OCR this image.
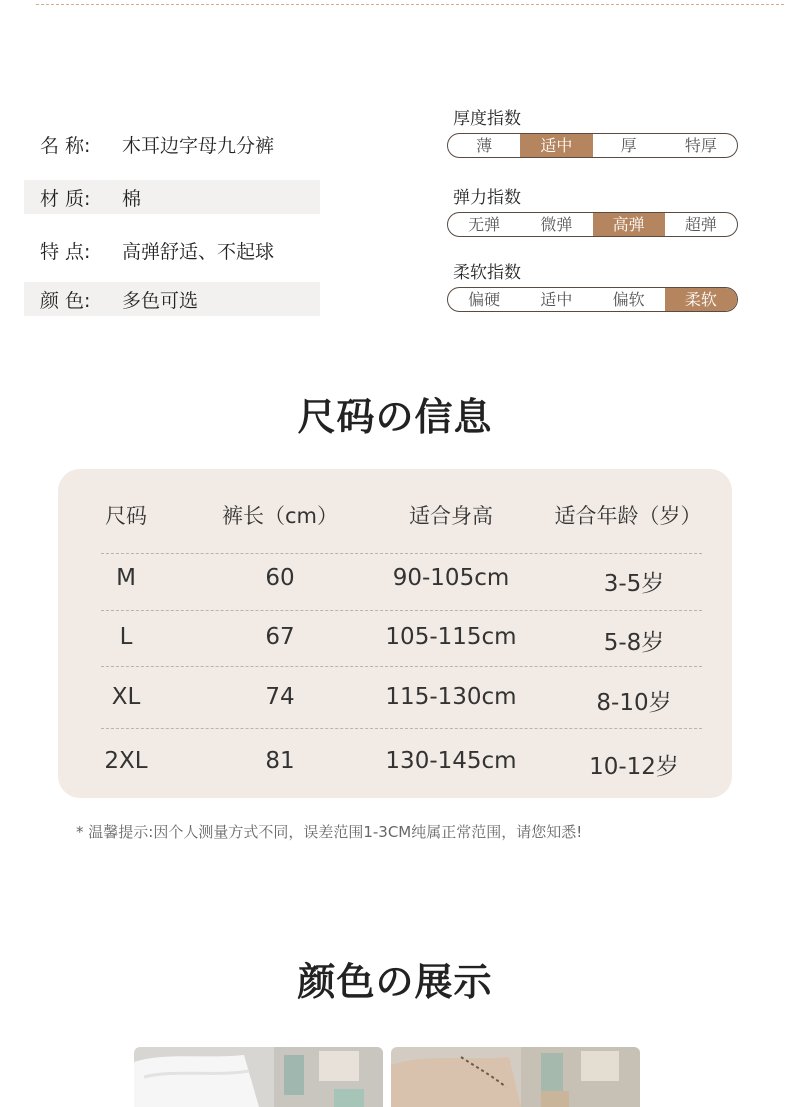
名 称:	木耳边字母九分裤
材 质:	棉
特 点:	高弹舒适、不起球
颜 色:	多色可选
厚度指数
薄	适中	厚	特厚
弹力指数
无弹	微弹	高弹	超弹
柔软指数
偏硬	适中	偏软	柔软
尺码の信息
尺码	裤长（cm）	适合身高	适合年龄（岁）
M	60	90-105cm	3-5岁
L	67	105-115cm	5-8岁
XL	74	115-130cm	8-10岁
2XL	81	130-145cm	10-12岁
* 温馨提示:因个人测量方式不同，误差范围1-3CM纯属正常范围，请您知悉!
颜色の展示
